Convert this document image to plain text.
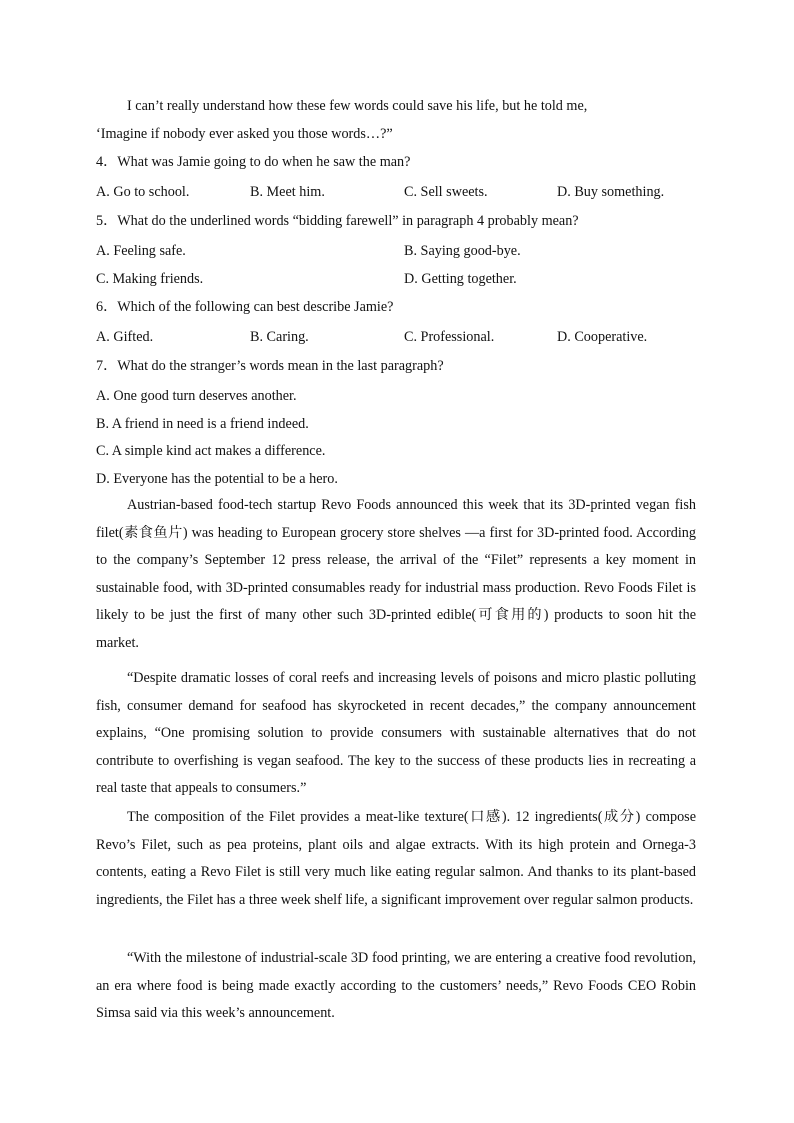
I can’t really understand how these few words could save his life, but he told me,
‘Imagine if nobody ever asked you those words…?”
4．What was Jamie going to do when he saw the man?
A. Go to school.	B. Meet him.	C. Sell sweets.	D. Buy something.
5．What do the underlined words “bidding farewell” in paragraph 4 probably mean?
A. Feeling safe.	B. Saying good-bye.
C. Making friends.	D. Getting together.
6．Which of the following can best describe Jamie?
A. Gifted.	B. Caring.	C. Professional.	D. Cooperative.
7．What do the stranger’s words mean in the last paragraph?
A. One good turn deserves another.
B. A friend in need is a friend indeed.
C. A simple kind act makes a difference.
D. Everyone has the potential to be a hero.
Austrian-based food-tech startup Revo Foods announced this week that its 3D-printed vegan fish filet(素食鱼片) was heading to European grocery store shelves —a first for 3D-printed food. According to the company’s September 12 press release, the arrival of the “Filet” represents a key moment in sustainable food, with 3D-printed consumables ready for industrial mass production. Revo Foods Filet is likely to be just the first of many other such 3D-printed edible(可食用的) products to soon hit the market.
“Despite dramatic losses of coral reefs and increasing levels of poisons and micro plastic polluting fish, consumer demand for seafood has skyrocketed in recent decades,” the company announcement explains, “One promising solution to provide consumers with sustainable alternatives that do not contribute to overfishing is vegan seafood. The key to the success of these products lies in recreating a real taste that appeals to consumers.”
The composition of the Filet provides a meat-like texture(口感). 12 ingredients(成分) compose Revo’s Filet, such as pea proteins, plant oils and algae extracts. With its high protein and Ornega-3 contents, eating a Revo Filet is still very much like eating regular salmon. And thanks to its plant-based ingredients, the Filet has a three week shelf life, a significant improvement over regular salmon products.
“With the milestone of industrial-scale 3D food printing, we are entering a creative food revolution, an era where food is being made exactly according to the customers’ needs,” Revo Foods CEO Robin Simsa said via this week’s announcement.
